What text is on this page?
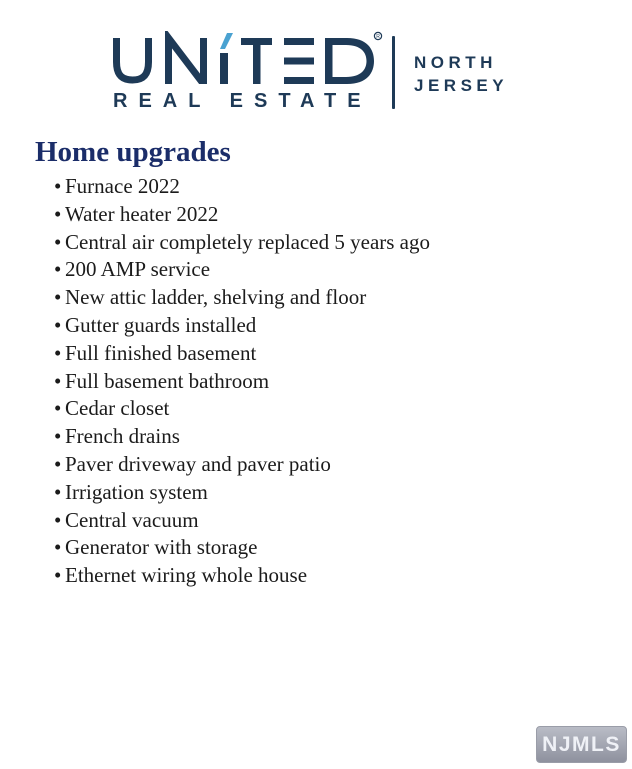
R
REAL ESTATE
NORTH
JERSEY
Home upgrades
• Furnace 2022
• Water heater 2022
• Central air completely replaced 5 years ago
• 200 AMP service
• New attic ladder, shelving and floor
• Gutter guards installed
• Full finished basement
• Full basement bathroom
• Cedar closet
• French drains
• Paver driveway and paver patio
• Irrigation system
• Central vacuum
• Generator with storage
• Ethernet wiring whole house
NJMLS
